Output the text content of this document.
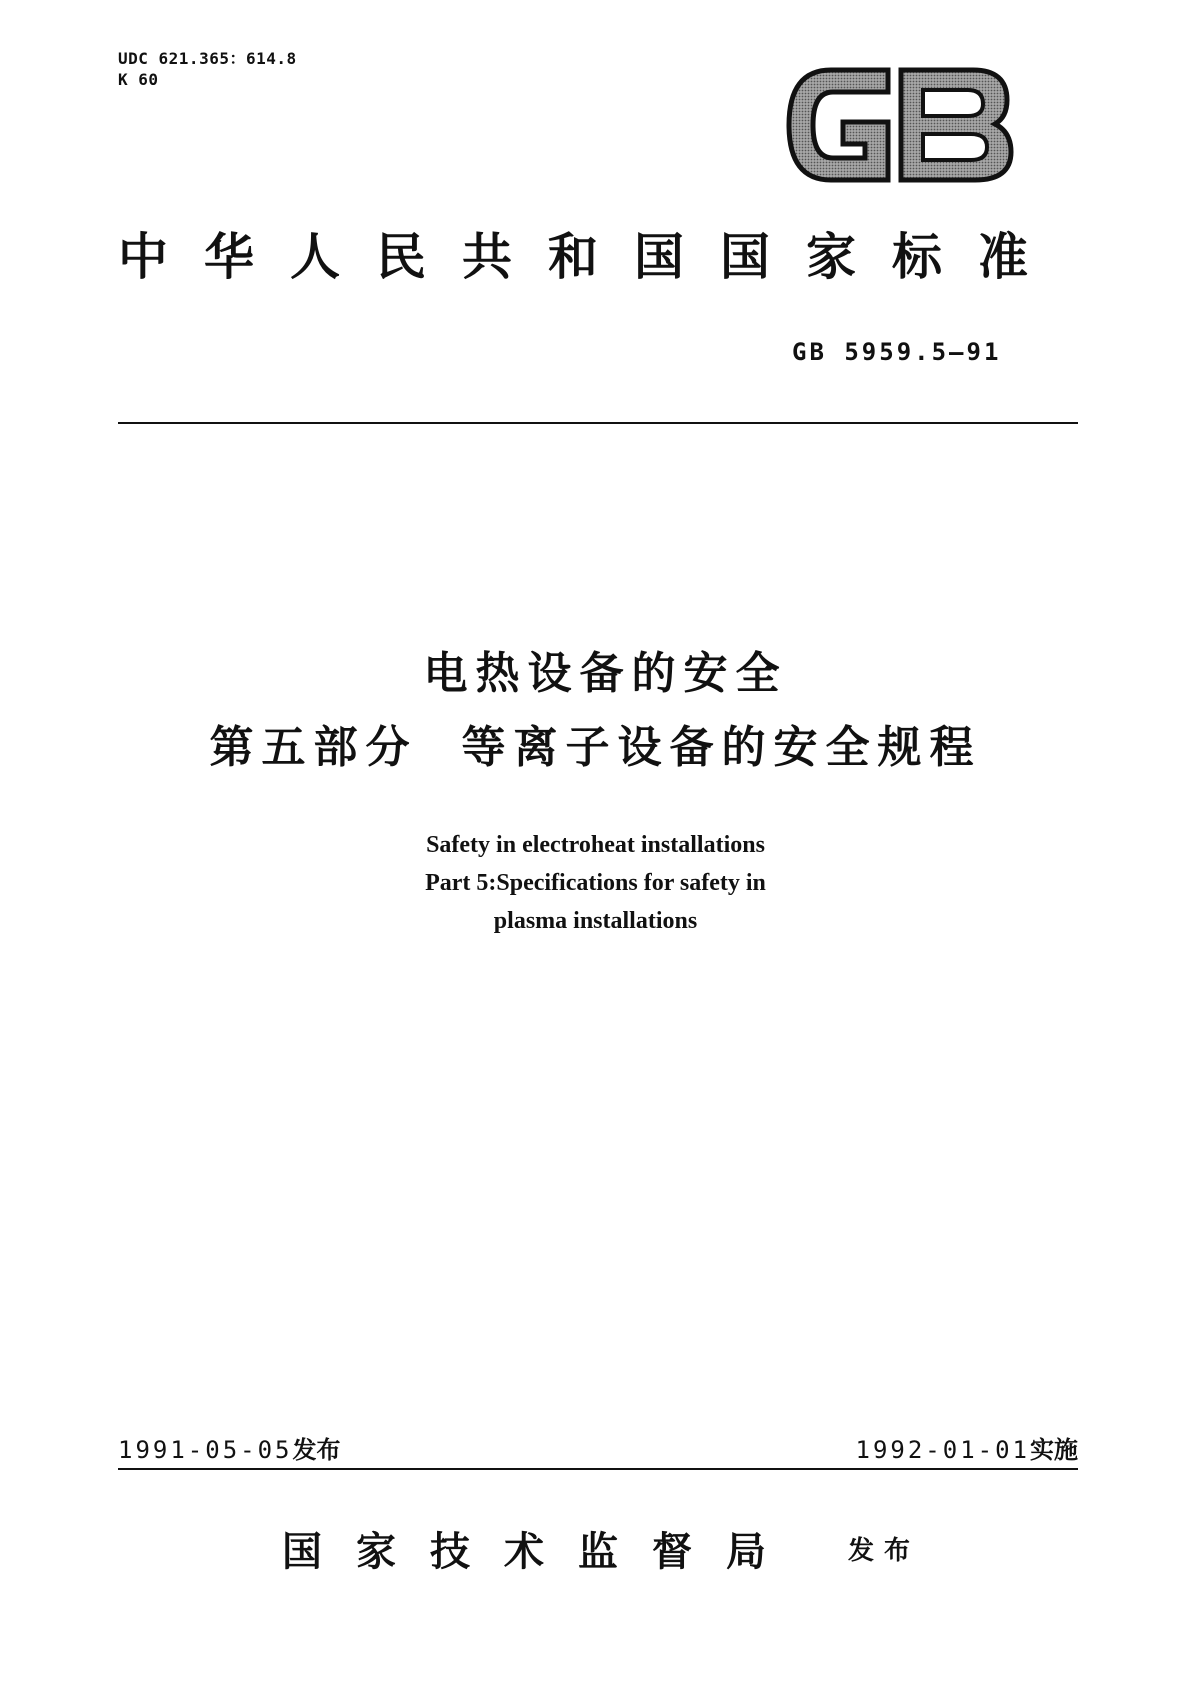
UDC 621.365：614.8
K 60
GB
中华人民共和国国家标准
GB 5959.5—91
电热设备的安全
第五部分 等离子设备的安全规程
Safety in electroheat installations
Part 5:Specifications for safety in
plasma installations
1991-05-05发布	1992-01-01实施
国家技术监督局 发布
